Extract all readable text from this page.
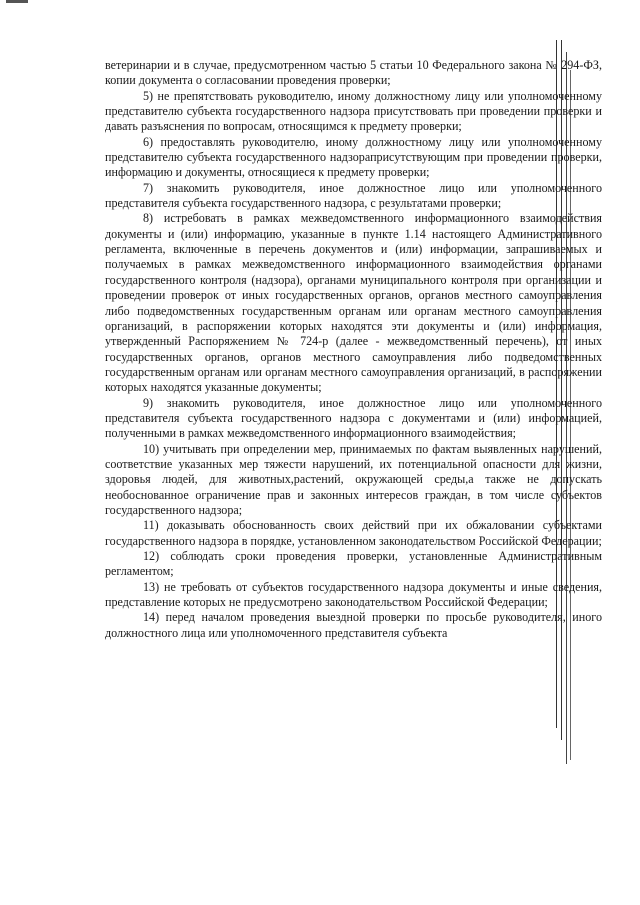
ветеринарии и в случае, предусмотренном частью 5 статьи 10 Федерального закона № 294-ФЗ, копии документа о согласовании проведения проверки;

5) не препятствовать руководителю, иному должностному лицу или уполномоченному представителю субъекта государственного надзора присутствовать при проведении проверки и давать разъяснения по вопросам, относящимся к предмету проверки;

6) предоставлять руководителю, иному должностному лицу или уполномоченному представителю субъекта государственного надзораприсутствующим при проведении проверки, информацию и документы, относящиеся к предмету проверки;

7) знакомить руководителя, иное должностное лицо или уполномоченного представителя субъекта государственного надзора, с результатами проверки;

8) истребовать в рамках межведомственного информационного взаимодействия документы и (или) информацию, указанные в пункте 1.14 настоящего Административного регламента, включенные в перечень документов и (или) информации, запрашиваемых и получаемых в рамках межведомственного информационного взаимодействия органами государственного контроля (надзора), органами муниципального контроля при организации и проведении проверок от иных государственных органов, органов местного самоуправления либо подведомственных государственным органам или органам местного самоуправления организаций, в распоряжении которых находятся эти документы и (или) информация, утвержденный Распоряжением № 724-р (далее - межведомственный перечень), от иных государственных органов, органов местного самоуправления либо подведомственных государственным органам или органам местного самоуправления организаций, в распоряжении которых находятся указанные документы;

9) знакомить руководителя, иное должностное лицо или уполномоченного представителя субъекта государственного надзора с документами и (или) информацией, полученными в рамках межведомственного информационного взаимодействия;

10) учитывать при определении мер, принимаемых по фактам выявленных нарушений, соответствие указанных мер тяжести нарушений, их потенциальной опасности для жизни, здоровья людей, для животных,растений, окружающей среды,а также не допускать необоснованное ограничение прав и законных интересов граждан, в том числе субъектов государственного надзора;

11) доказывать обоснованность своих действий при их обжаловании субъектами государственного надзора в порядке, установленном законодательством Российской Федерации;

12) соблюдать сроки проведения проверки, установленные Административным регламентом;

13) не требовать от субъектов государственного надзора документы и иные сведения, представление которых не предусмотрено законодательством Российской Федерации;

14) перед началом проведения выездной проверки по просьбе руководителя, иного должностного лица или уполномоченного представителя субъекта
